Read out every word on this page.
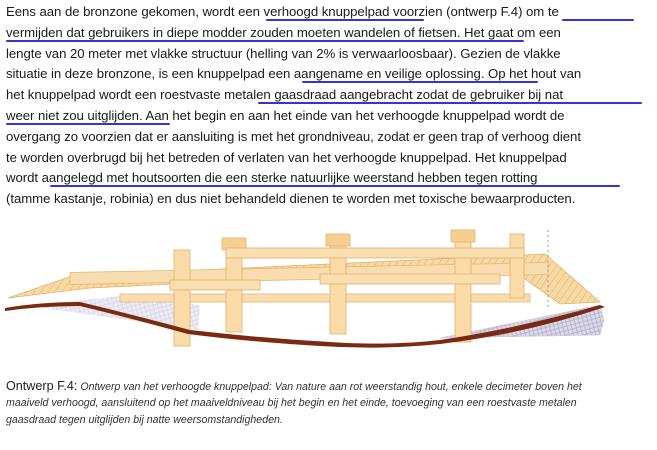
Eens aan de bronzone gekomen, wordt een verhoogd knuppelpad voorzien (ontwerp F.4) om te
vermijden dat gebruikers in diepe modder zouden moeten wandelen of fietsen. Het gaat om een
lengte van 20 meter met vlakke structuur (helling van 2% is verwaarloosbaar). Gezien de vlakke
situatie in deze bronzone, is een knuppelpad een aangename en veilige oplossing. Op het hout van
het knuppelpad wordt een roestvaste metalen gaasdraad aangebracht zodat de gebruiker bij nat
weer niet zou uitglijden. Aan het begin en aan het einde van het verhoogde knuppelpad wordt de
overgang zo voorzien dat er aansluiting is met het grondniveau, zodat er geen trap of verhoog dient
te worden overbrugd bij het betreden of verlaten van het verhoogde knuppelpad. Het knuppelpad
wordt aangelegd met houtsoorten die een sterke natuurlijke weerstand hebben tegen rotting
(tamme kastanje, robinia) en dus niet behandeld dienen te worden met toxische bewaarproducten.
Ontwerp F.4: Ontwerp van het verhoogde knuppelpad: Van nature aan rot weerstandig hout, enkele decimeter boven het
maaiveld verhoogd, aansluitend op het maaiveldniveau bij het begin en het einde, toevoeging van een roestvaste metalen
gaasdraad tegen uitglijden bij natte weersomstandigheden.
